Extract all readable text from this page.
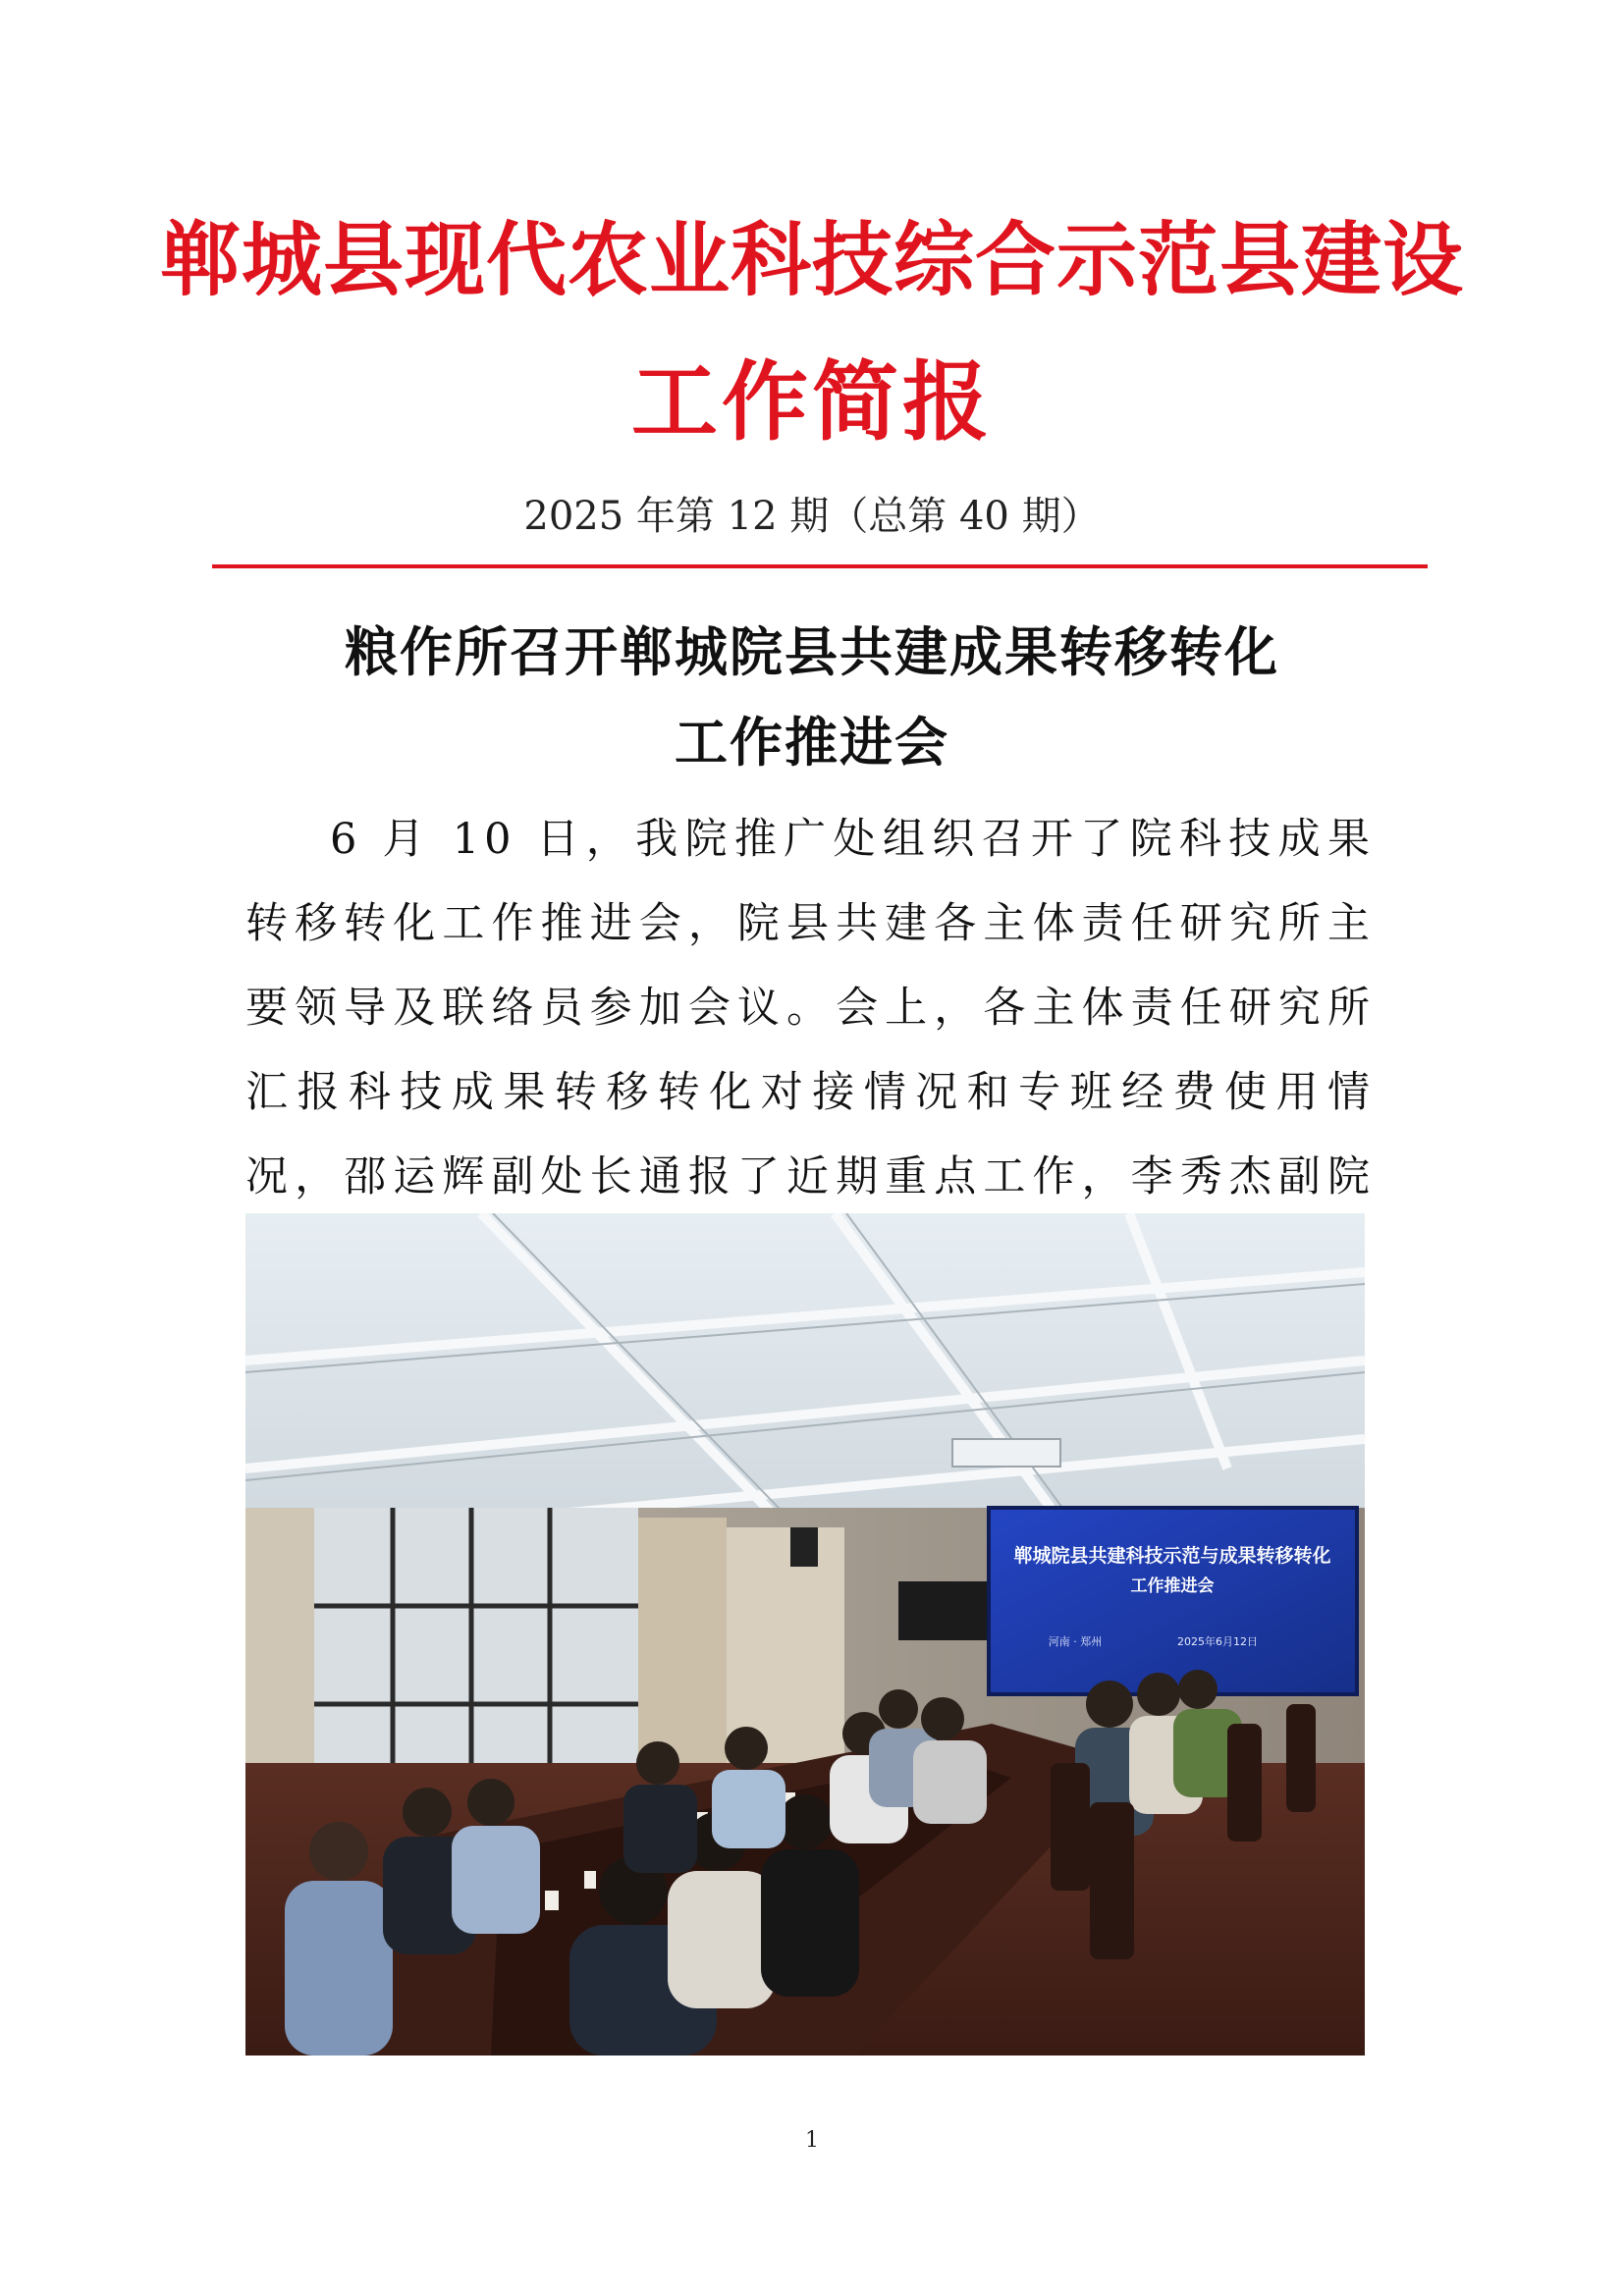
郸城县现代农业科技综合示范县建设
工作简报
2025 年第 12 期（总第 40 期）
粮作所召开郸城院县共建成果转移转化
工作推进会

6 月 10 日，我院推广处组织召开了院科技成果转移转化工作推进会，院县共建各主体责任研究所主要领导及联络员参加会议。会上，各主体责任研究所汇报科技成果转移转化对接情况和专班经费使用情况，邵运辉副处长通报了近期重点工作，李秀杰副院

郸城院县共建科技示范与成果转移转化
工作推进会
河南 · 郑州	2025年6月12日
1
